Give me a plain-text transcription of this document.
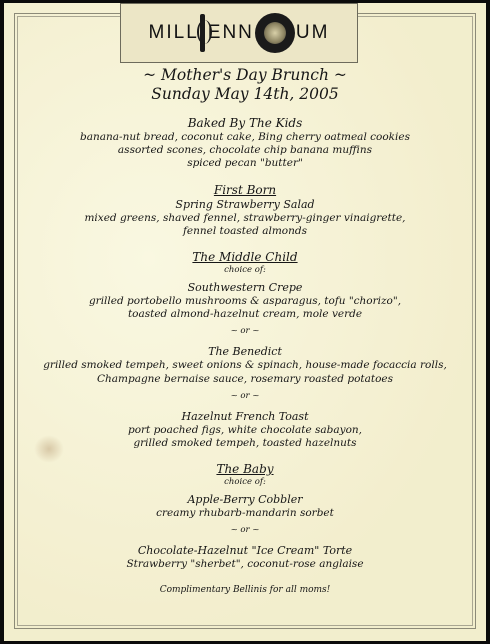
MILL ENN UM
~ Mother's Day Brunch ~
Sunday May 14th, 2005
Baked By The Kids
banana-nut bread, coconut cake, Bing cherry oatmeal cookies
assorted scones, chocolate chip banana muffins
spiced pecan "butter"
First Born
Spring Strawberry Salad
mixed greens, shaved fennel, strawberry-ginger vinaigrette,
fennel toasted almonds
The Middle Child
choice of:
Southwestern Crepe
grilled portobello mushrooms & asparagus, tofu "chorizo",
toasted almond-hazelnut cream, mole verde
~ or ~
The Benedict
grilled smoked tempeh, sweet onions & spinach, house-made focaccia rolls,
Champagne bernaise sauce, rosemary roasted potatoes
~ or ~
Hazelnut French Toast
port poached figs, white chocolate sabayon,
grilled smoked tempeh, toasted hazelnuts
The Baby
choice of:
Apple-Berry Cobbler
creamy rhubarb-mandarin sorbet
~ or ~
Chocolate-Hazelnut "Ice Cream" Torte
Strawberry "sherbet", coconut-rose anglaise
Complimentary Bellinis for all moms!
